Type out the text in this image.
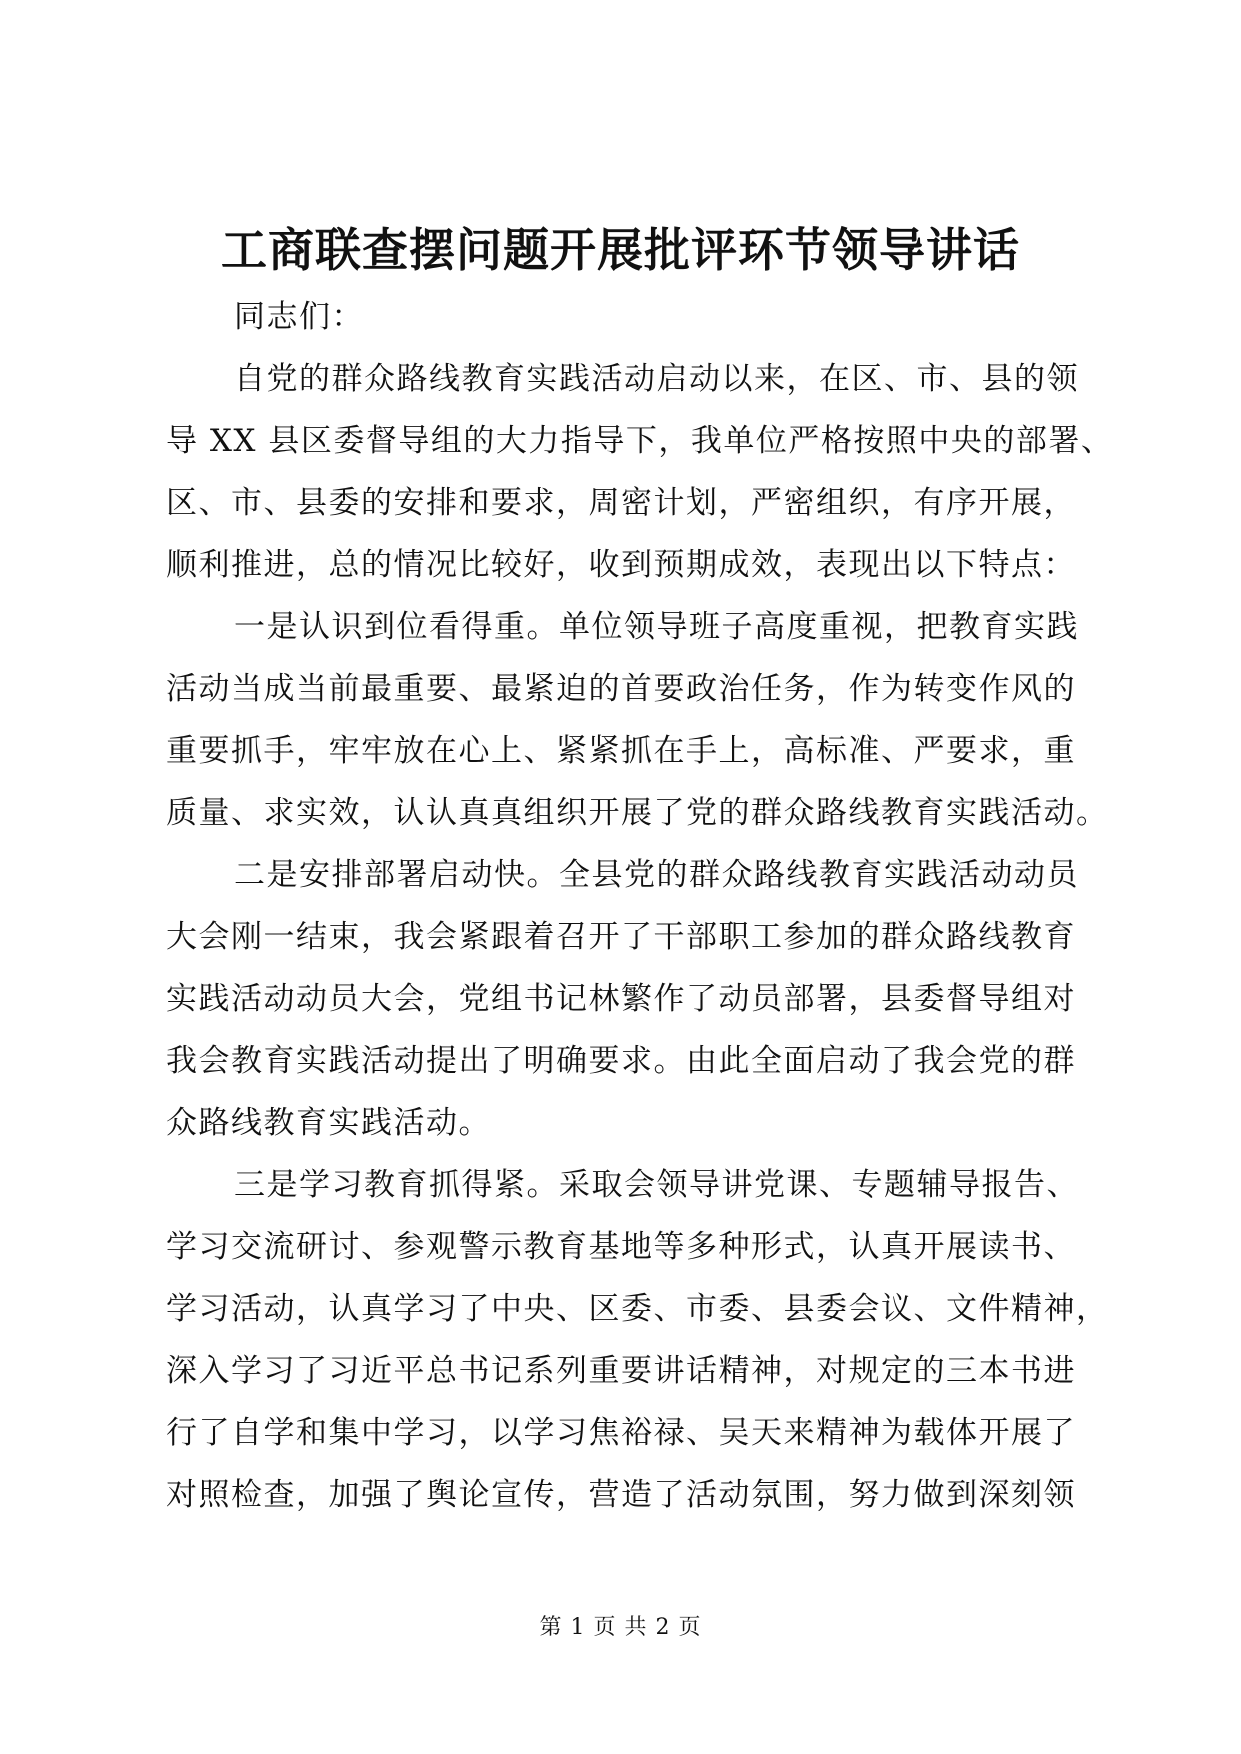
工商联查摆问题开展批评环节领导讲话
同志们：
自党的群众路线教育实践活动启动以来，在区、市、县的领
导 XX 县区委督导组的大力指导下，我单位严格按照中央的部署、
区、市、县委的安排和要求，周密计划，严密组织，有序开展，
顺利推进，总的情况比较好，收到预期成效，表现出以下特点：
一是认识到位看得重。单位领导班子高度重视，把教育实践
活动当成当前最重要、最紧迫的首要政治任务，作为转变作风的
重要抓手，牢牢放在心上、紧紧抓在手上，高标准、严要求，重
质量、求实效，认认真真组织开展了党的群众路线教育实践活动。
二是安排部署启动快。全县党的群众路线教育实践活动动员
大会刚一结束，我会紧跟着召开了干部职工参加的群众路线教育
实践活动动员大会，党组书记林繁作了动员部署，县委督导组对
我会教育实践活动提出了明确要求。由此全面启动了我会党的群
众路线教育实践活动。
三是学习教育抓得紧。采取会领导讲党课、专题辅导报告、
学习交流研讨、参观警示教育基地等多种形式，认真开展读书、
学习活动，认真学习了中央、区委、市委、县委会议、文件精神，
深入学习了习近平总书记系列重要讲话精神，对规定的三本书进
行了自学和集中学习，以学习焦裕禄、吴天来精神为载体开展了
对照检查，加强了舆论宣传，营造了活动氛围，努力做到深刻领
第 1 页 共 2 页
